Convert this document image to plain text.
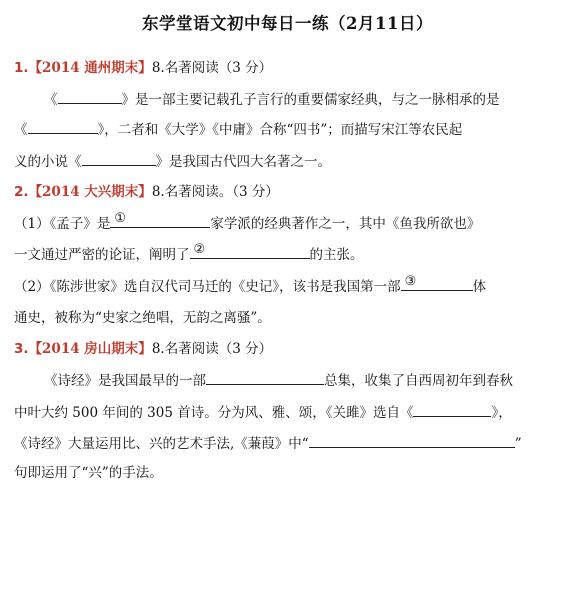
东学堂语文初中每日一练（2月11日）
1.【2014 通州期末】8.名著阅读（3 分）
《	》是一部主要记载孔子言行的重要儒家经典，与之一脉相承的是
《	》，二者和《大学》《中庸》合称“四书”；而描写宋江等农民起
义的小说《	》是我国古代四大名著之一。
2.【2014 大兴期末】8.名著阅读。（3 分）
（1）《孟子》是 ①	家学派的经典著作之一，其中《鱼我所欲也》
一文通过严密的论证，阐明了 ②	的主张。
（2）《陈涉世家》选自汉代司马迁的《史记》，该书是我国第一部 ③	体
通史，被称为“史家之绝唱，无韵之离骚”。
3.【2014 房山期末】8.名著阅读（3 分）
《诗经》是我国最早的一部	总集，收集了自西周初年到春秋
中叶大约 500 年间的 305 首诗。分为风、雅、颂，《关雎》选自《	》，
《诗经》大量运用比、兴的艺术手法,《蒹葭》中“	”
句即运用了“兴”的手法。
